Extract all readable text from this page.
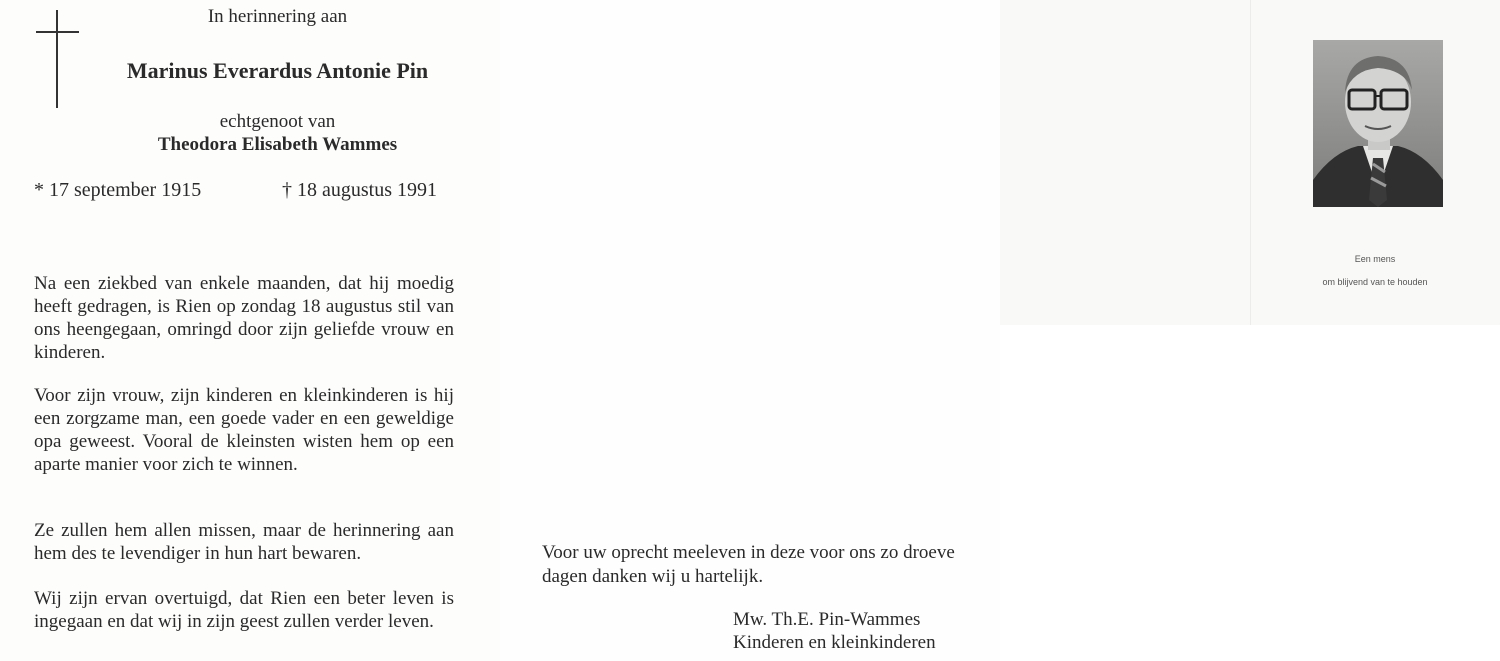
In herinnering aan
Marinus Everardus Antonie Pin
echtgenoot van
Theodora Elisabeth Wammes
* 17 september 1915	† 18 augustus 1991

Na een ziekbed van enkele maanden, dat hij moedig heeft gedragen, is Rien op zondag 18 augustus stil van ons heengegaan, omringd door zijn geliefde vrouw en kinderen.

Voor zijn vrouw, zijn kinderen en kleinkinderen is hij een zorgzame man, een goede vader en een geweldige opa geweest. Vooral de kleinsten wisten hem op een aparte manier voor zich te winnen.

Ze zullen hem allen missen, maar de herinnering aan hem des te levendiger in hun hart bewaren.

Wij zijn ervan overtuigd, dat Rien een beter leven is ingegaan en dat wij in zijn geest zullen verder leven.

Voor uw oprecht meeleven in deze voor ons zo droeve dagen danken wij u hartelijk.

Mw. Th.E. Pin-Wammes
Kinderen en kleinkinderen
Een mens
om blijvend van te houden
